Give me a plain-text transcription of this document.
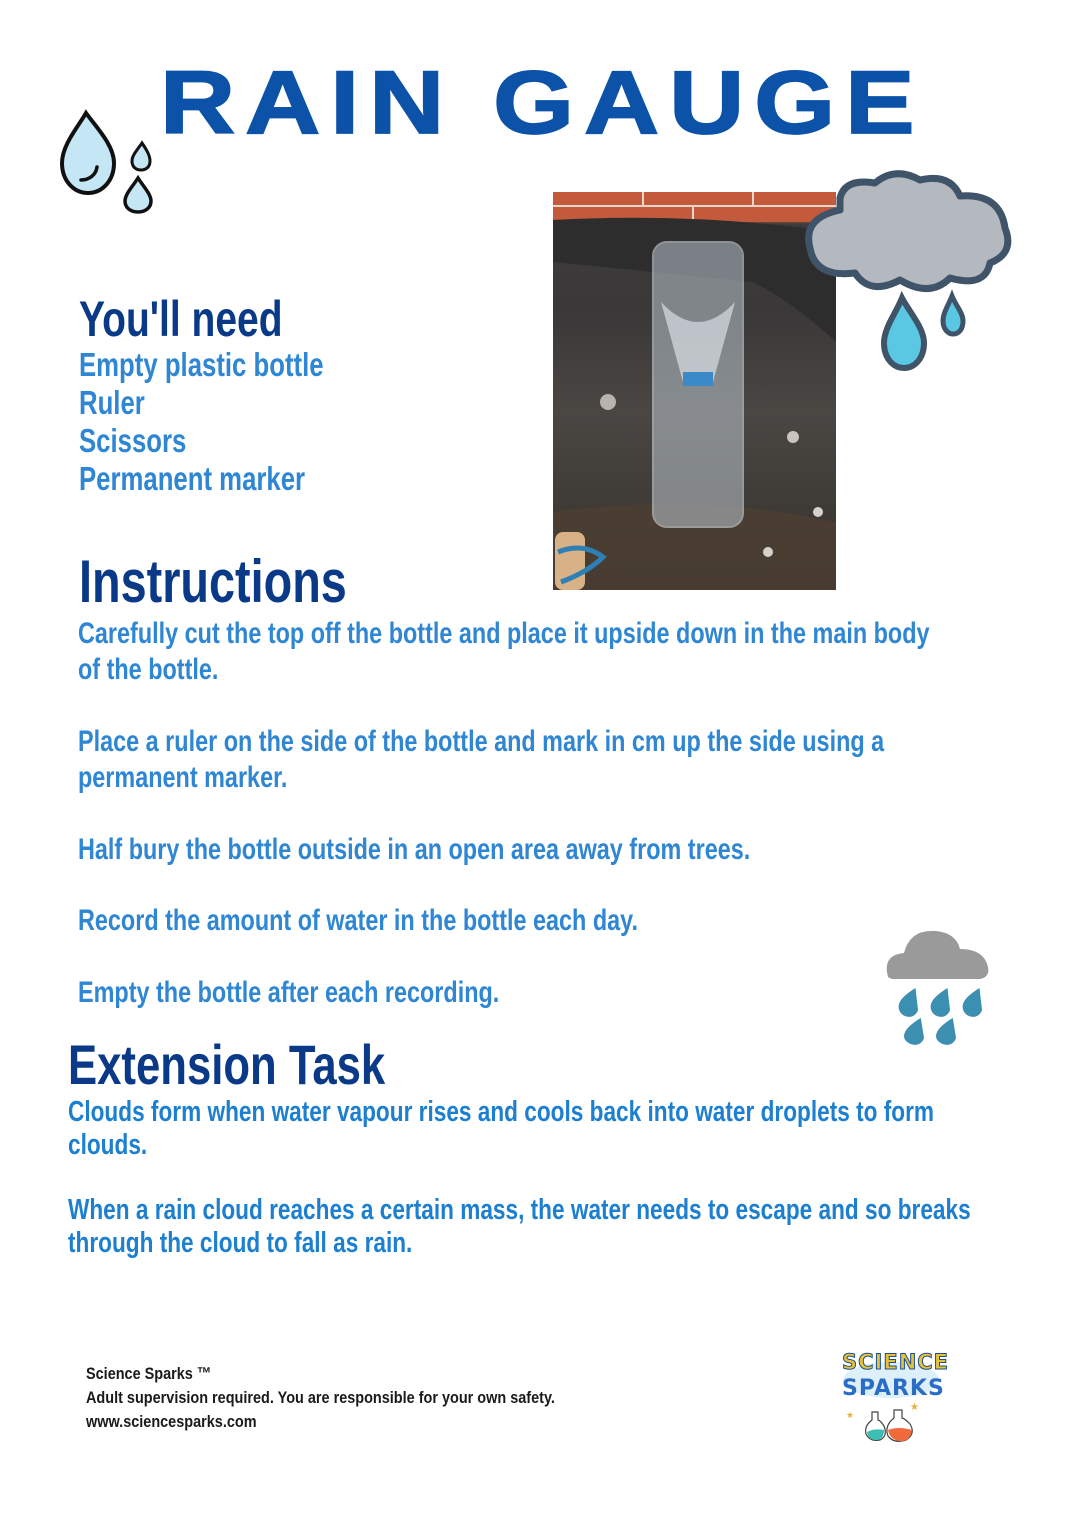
RAIN GAUGE
You'll need
Empty plastic bottle
Ruler
Scissors
Permanent marker
Instructions
Carefully cut the top off the bottle and place it upside down in the main body
of the bottle.
Place a ruler on the side of the bottle and mark in cm up the side using a
permanent marker.
Half bury the bottle outside in an open area away from trees.
Record the amount of water in the bottle each day.
Empty the bottle after each recording.
Extension Task
Clouds form when water vapour rises and cools back into water droplets to form
clouds.
When a rain cloud reaches a certain mass, the water needs to escape and so breaks
through the cloud to fall as rain.
Science Sparks ™
Adult supervision required. You are responsible for your own safety.
www.sciencesparks.com
★
★
SCIENCE
SPARKS
